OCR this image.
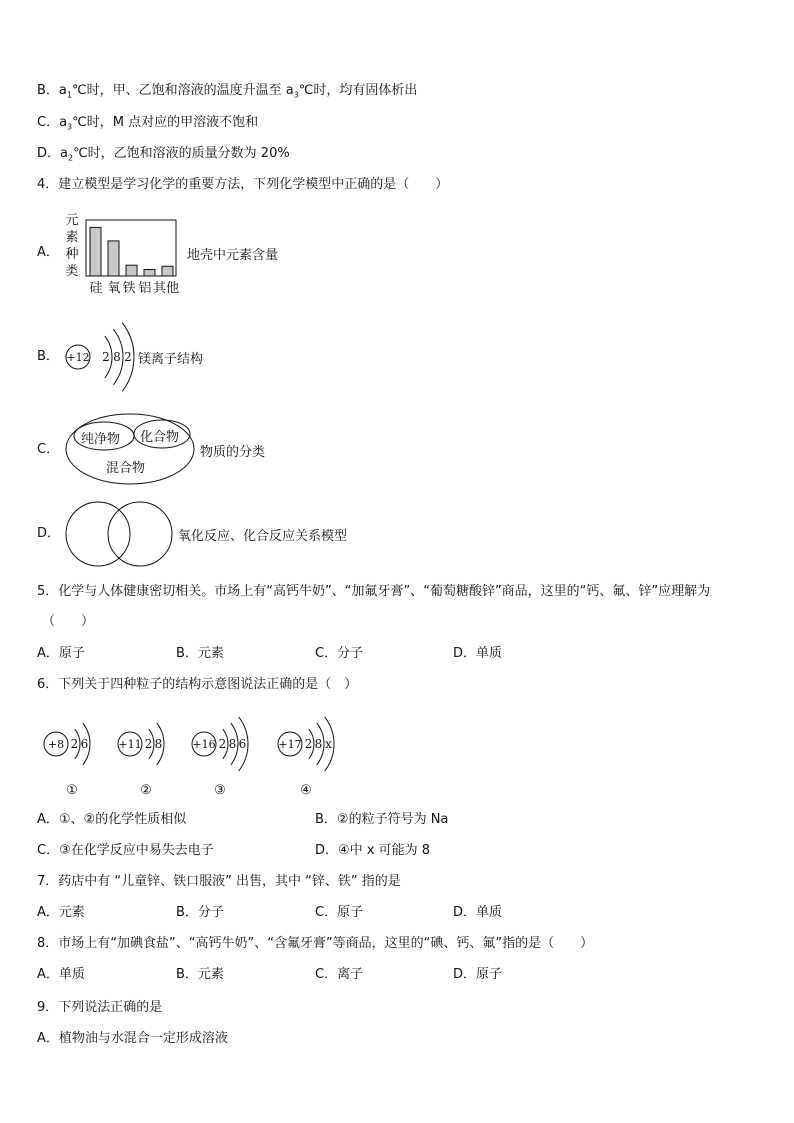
B．$a_1℃$时，甲、乙饱和溶液的温度升温至 $a_3℃$时，均有固体析出
C．$a_3℃$时，M 点对应的甲溶液不饱和
D．$a_2℃$时，乙饱和溶液的质量分数为 20%
4．建立模型是学习化学的重要方法，下列化学模型中正确的是（　　）
A．
元
素
种
类
硅 氧 铁 铝 其他
地壳中元素含量
B． +12 2 8 2 镁离子结构
C．
纯净物 化合物
混合物
物质的分类
D．	氧化反应、化合反应关系模型
5．化学与人体健康密切相关。市场上有“高钙牛奶”、“加氟牙膏”、“葡萄糖酸锌”商品，这里的“钙、氟、锌”应理解为
（　　）
A．原子	B．元素	C．分子	D．单质
6．下列关于四种粒子的结构示意图说法正确的是（　）
+8 2 6
①
+11 2 8
②
+16 2 8 6
③
+17 2 8 x
④
A．①、②的化学性质相似	B．②的粒子符号为 Na
C．③在化学反应中易失去电子	D．④中 x 可能为 8
7．药店中有 “儿童锌、铁口服液” 出售，其中 “锌、铁” 指的是
A．元素	B．分子	C．原子	D．单质
8．市场上有“加碘食盐”、“高钙牛奶”、“含氟牙膏”等商品，这里的“碘、钙、氟”指的是（　　）
A．单质	B．元素	C．离子	D．原子
9．下列说法正确的是
A．植物油与水混合一定形成溶液
